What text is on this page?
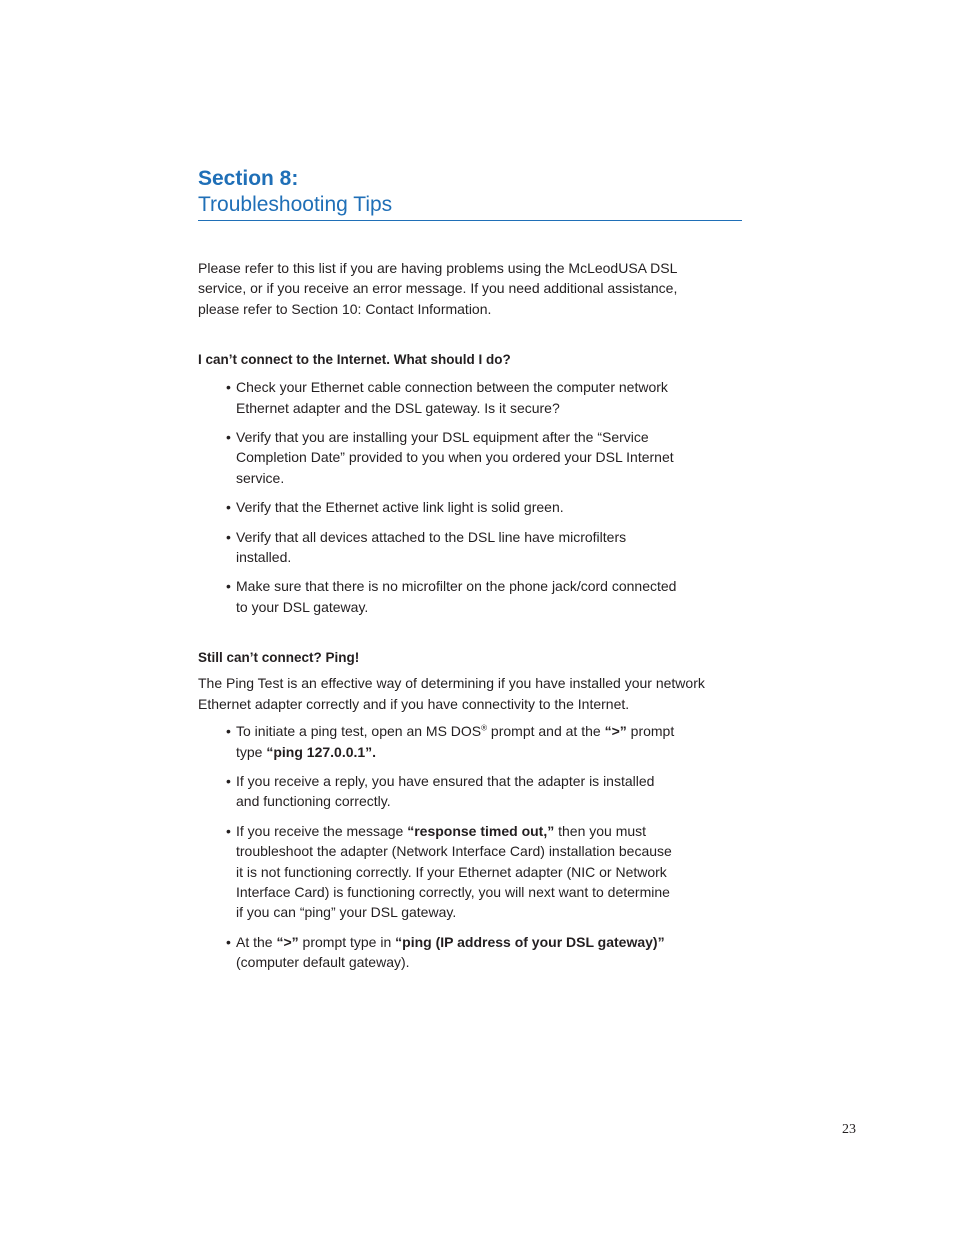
Section 8:
Troubleshooting Tips

Please refer to this list if you are having problems using the McLeodUSA DSL service, or if you receive an error message. If you need additional assistance, please refer to Section 10: Contact Information.

I can’t connect to the Internet. What should I do?

• Check your Ethernet cable connection between the computer network Ethernet adapter and the DSL gateway. Is it secure?
• Verify that you are installing your DSL equipment after the “Service Completion Date” provided to you when you ordered your DSL Internet service.
• Verify that the Ethernet active link light is solid green.
• Verify that all devices attached to the DSL line have microfilters installed.
• Make sure that there is no microfilter on the phone jack/cord connected to your DSL gateway.

Still can’t connect? Ping!

The Ping Test is an effective way of determining if you have installed your network Ethernet adapter correctly and if you have connectivity to the Internet.

• To initiate a ping test, open an MS DOS® prompt and at the “>” prompt type “ping 127.0.0.1”.
• If you receive a reply, you have ensured that the adapter is installed and functioning correctly.
• If you receive the message “response timed out,” then you must troubleshoot the adapter (Network Interface Card) installation because it is not functioning correctly. If your Ethernet adapter (NIC or Network Interface Card) is functioning correctly, you will next want to determine if you can “ping” your DSL gateway.
• At the “>” prompt type in “ping (IP address of your DSL gateway)” (computer default gateway).
23
